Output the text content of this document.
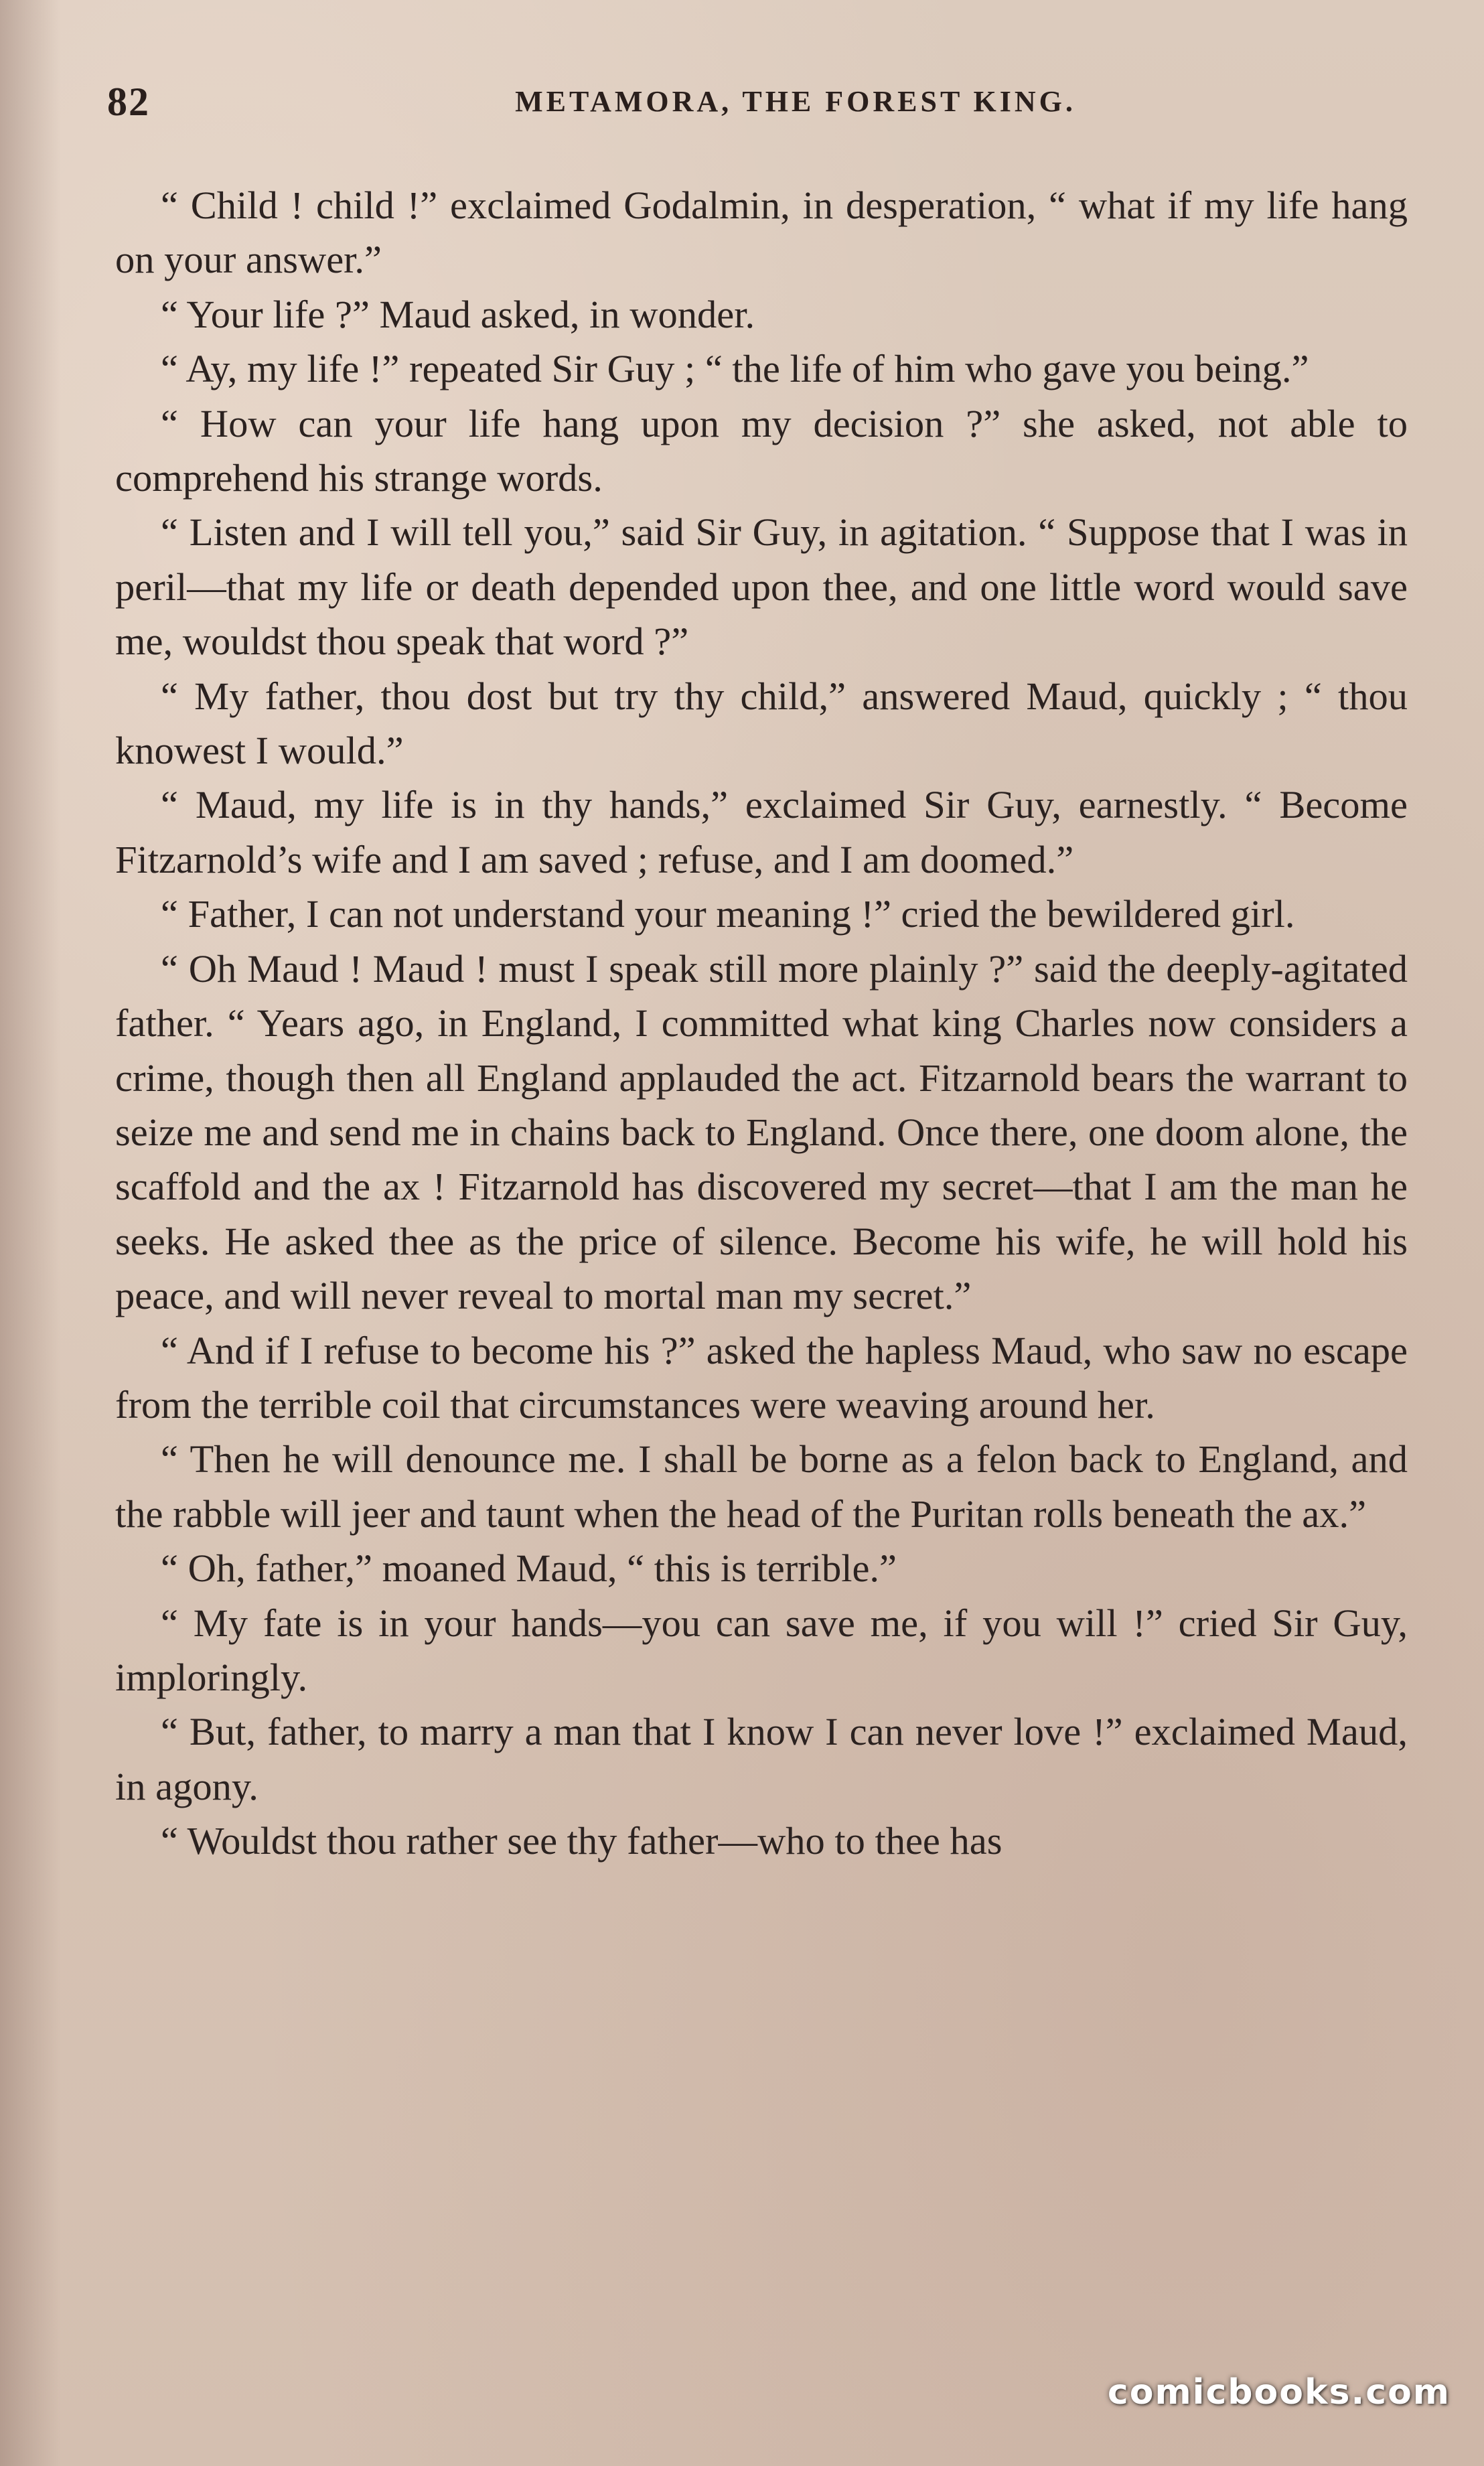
82	METAMORA, THE FOREST KING.

“ Child ! child !” exclaimed Godalmin, in desperation, “ what if my life hang on your answer.”

“ Your life ?” Maud asked, in wonder.

“ Ay, my life !” repeated Sir Guy ; “ the life of him who gave you being.”

“ How can your life hang upon my decision ?” she asked, not able to comprehend his strange words.

“ Listen and I will tell you,” said Sir Guy, in agitation. “ Suppose that I was in peril—that my life or death depended upon thee, and one little word would save me, wouldst thou speak that word ?”

“ My father, thou dost but try thy child,” answered Maud, quickly ; “ thou knowest I would.”

“ Maud, my life is in thy hands,” exclaimed Sir Guy, earnestly. “ Become Fitzarnold’s wife and I am saved ; refuse, and I am doomed.”

“ Father, I can not understand your meaning !” cried the bewildered girl.

“ Oh Maud ! Maud ! must I speak still more plainly ?” said the deeply-agitated father. “ Years ago, in England, I committed what king Charles now considers a crime, though then all England applauded the act. Fitzarnold bears the warrant to seize me and send me in chains back to England. Once there, one doom alone, the scaffold and the ax ! Fitzarnold has discovered my secret—that I am the man he seeks. He asked thee as the price of silence. Become his wife, he will hold his peace, and will never reveal to mortal man my secret.”

“ And if I refuse to become his ?” asked the hapless Maud, who saw no escape from the terrible coil that circumstances were weaving around her.

“ Then he will denounce me. I shall be borne as a felon back to England, and the rabble will jeer and taunt when the head of the Puritan rolls beneath the ax.”

“ Oh, father,” moaned Maud, “ this is terrible.”

“ My fate is in your hands—you can save me, if you will !” cried Sir Guy, imploringly.

“ But, father, to marry a man that I know I can never love !” exclaimed Maud, in agony.

“ Wouldst thou rather see thy father—who to thee has

comicbooks.com
